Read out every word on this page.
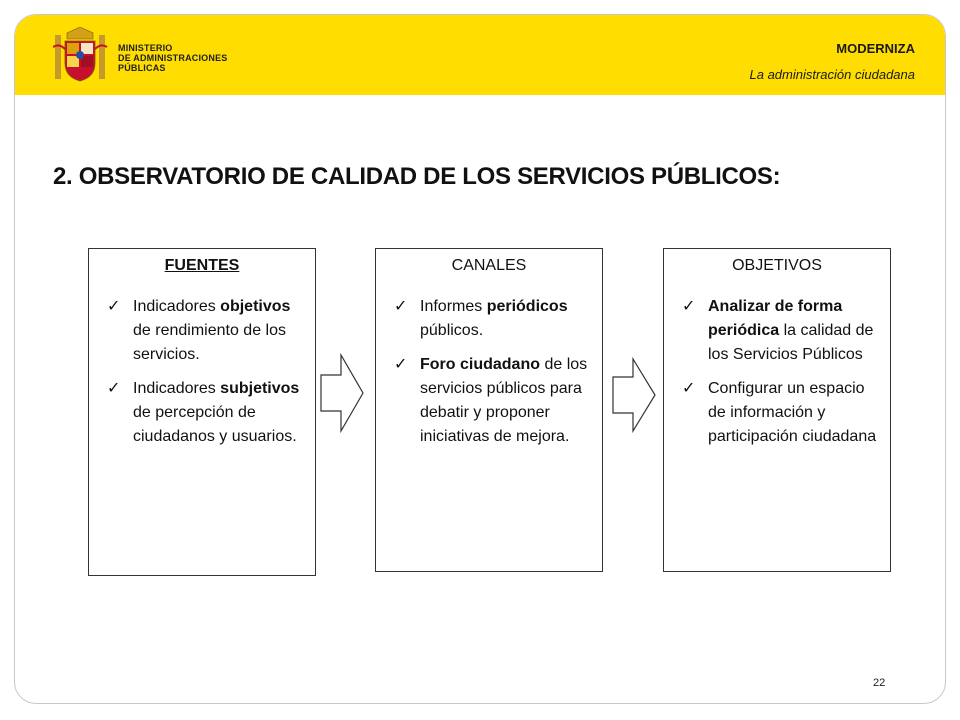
MINISTERIO
DE ADMINISTRACIONES
PÚBLICAS
MODERNIZA
La administración ciudadana
2. OBSERVATORIO DE CALIDAD DE LOS SERVICIOS PÚBLICOS:
FUENTES
✓ Indicadores objetivos de rendimiento de los servicios.
✓ Indicadores subjetivos de percepción de ciudadanos y usuarios.
CANALES
✓ Informes periódicos públicos.
✓ Foro ciudadano de los servicios públicos para debatir y proponer iniciativas de mejora.
OBJETIVOS
✓ Analizar de forma periódica la calidad de los Servicios Públicos
✓ Configurar un espacio de información y participación ciudadana
22
